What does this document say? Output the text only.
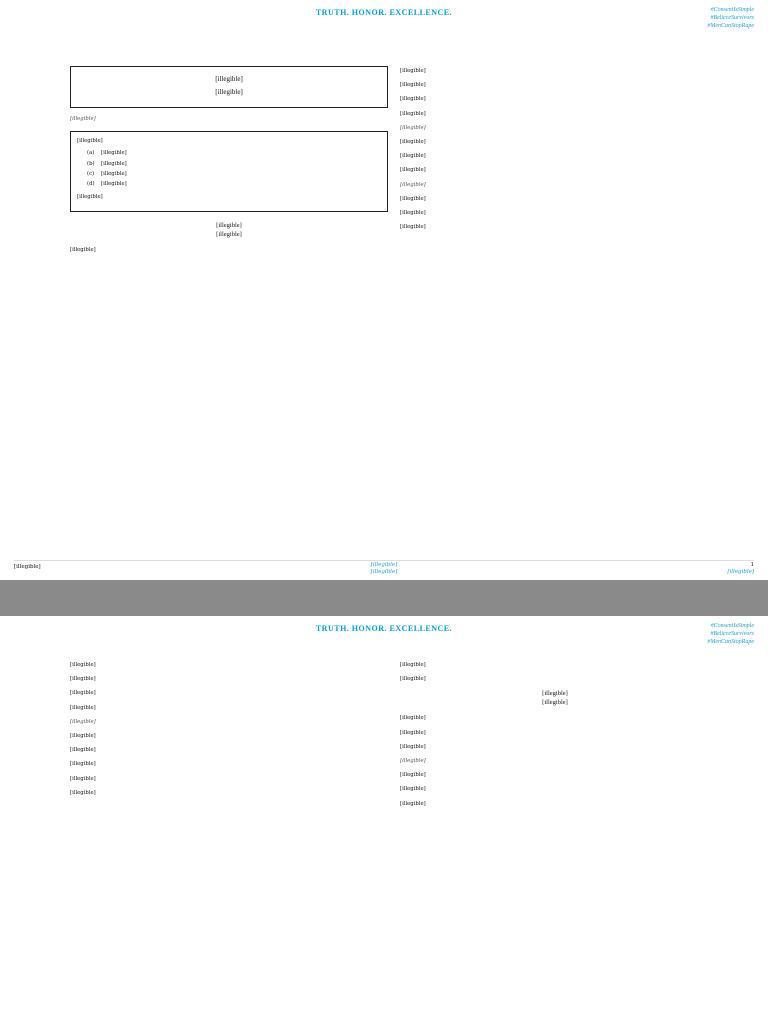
TRUTH. HONOR. EXCELLENCE.	#ConsentIsSimple
#BelieveSurvivors
#MenCanStopRape

[illegible]

[illegible]

[illegible]

[illegible]

(a) [illegible]
(b) [illegible]
(c) [illegible]
(d) [illegible]

[illegible]

[illegible]
[illegible]

[illegible]

[illegible]

[illegible]

[illegible]

[illegible]

[illegible]

[illegible]

[illegible]

[illegible]

[illegible]

[illegible]

[illegible]

[illegible]

[illegible]	[illegible]
[illegible]
1
[illegible]
TRUTH. HONOR. EXCELLENCE.	#ConsentIsSimple
#BelieveSurvivors
#MenCanStopRape

[illegible]

[illegible]

[illegible]

[illegible]

[illegible]

[illegible]

[illegible]

[illegible]

[illegible]

[illegible]

[illegible]

[illegible]

[illegible]
[illegible]

[illegible]

[illegible]

[illegible]

[illegible]

[illegible]

[illegible]

[illegible]
